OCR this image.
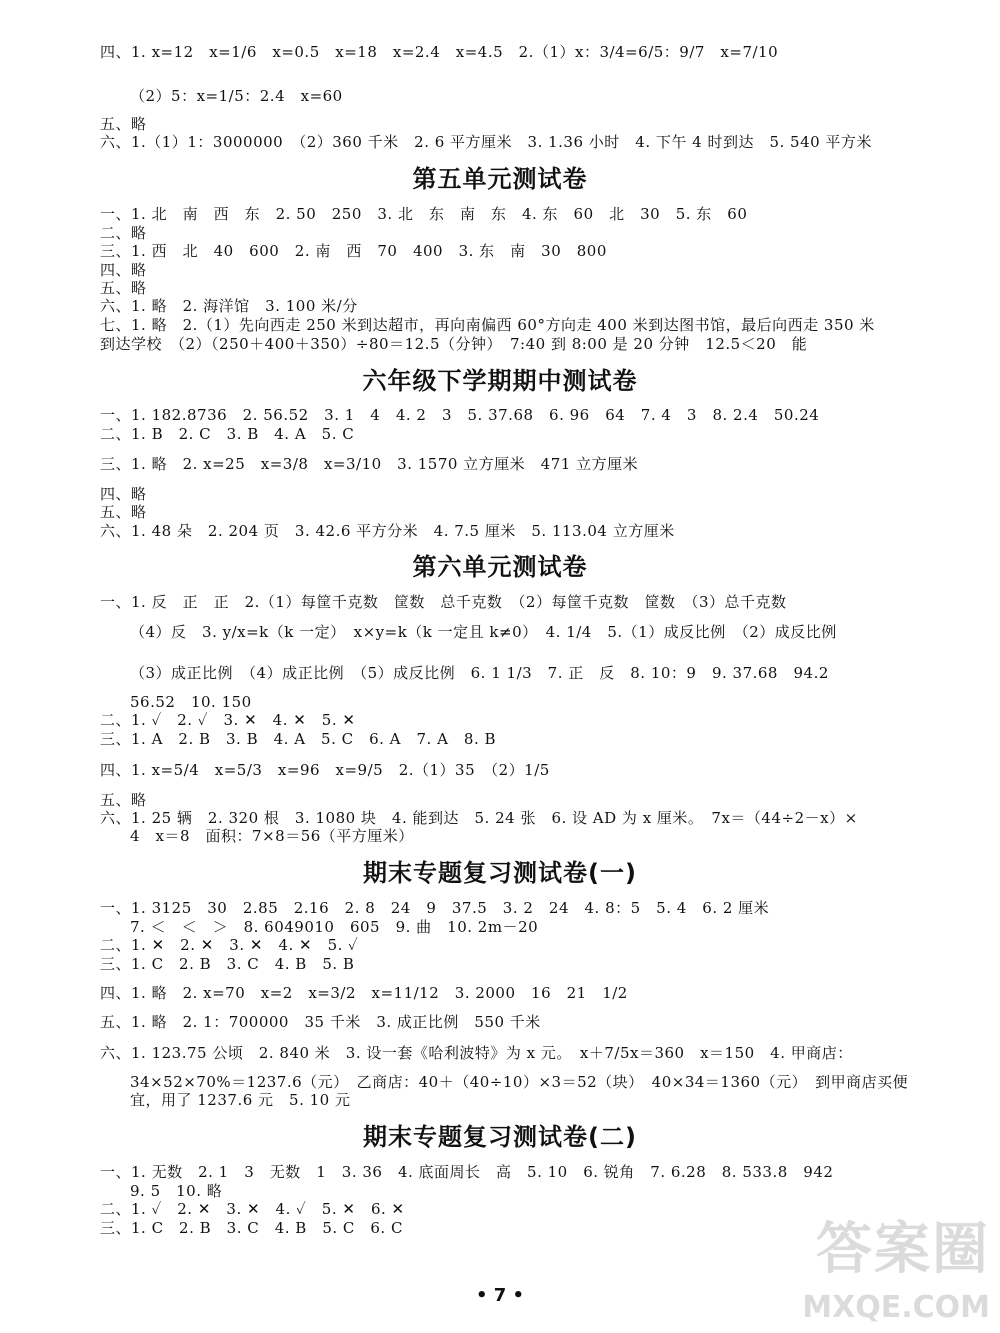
四、1. x=12　x=1/6　x=0.5　x=18　x=2.4　x=4.5　2.（1）x：3/4=6/5：9/7　x=7/10
（2）5：x=1/5：2.4　x=60
五、略
六、1.（1）1：3000000　（2）360 千米　2. 6 平方厘米　3. 1.36 小时　4. 下午 4 时到达　5. 540 平方米
第五单元测试卷
一、1. 北　南　西　东　2. 50　250　3. 北　东　南　东　4. 东　60　北　30　5. 东　60
二、略
三、1. 西　北　40　600　2. 南　西　70　400　3. 东　南　30　800
四、略
五、略
六、1. 略　2. 海洋馆　3. 100 米/分
七、1. 略　2.（1）先向西走 250 米到达超市，再向南偏西 60°方向走 400 米到达图书馆，最后向西走 350 米
到达学校　（2）（250＋400＋350）÷80＝12.5（分钟）　7:40 到 8:00 是 20 分钟　12.5＜20　能
六年级下学期期中测试卷
一、1. 182.8736　2. 56.52　3. 1　4　4. 2　3　5. 37.68　6. 96　64　7. 4　3　8. 2.4　50.24
二、1. B　2. C　3. B　4. A　5. C
三、1. 略　2. x=25　x=3/8　x=3/10　3. 1570 立方厘米　471 立方厘米
四、略
五、略
六、1. 48 朵　2. 204 页　3. 42.6 平方分米　4. 7.5 厘米　5. 113.04 立方厘米
第六单元测试卷
一、1. 反　正　正　2.（1）每筐千克数　筐数　总千克数　（2）每筐千克数　筐数　（3）总千克数
（4）反　3. y/x=k（k 一定）　x×y=k（k 一定且 k≠0）　4. 1/4　5.（1）成反比例　（2）成反比例
（3）成正比例　（4）成正比例　（5）成反比例　6. 1 1/3　7. 正　反　8. 10：9　9. 37.68　94.2
56.52　10. 150
二、1. ✓　2. ✓　3. ✕　4. ✕　5. ✕
三、1. A　2. B　3. B　4. A　5. C　6. A　7. A　8. B
四、1. x=5/4　x=5/3　x=96　x=9/5　2.（1）35　（2）1/5
五、略
六、1. 25 辆　2. 320 根　3. 1080 块　4. 能到达　5. 24 张　6. 设 AD 为 x 厘米。　7x＝（44÷2－x）×
4　x＝8　面积：7×8＝56（平方厘米）
期末专题复习测试卷(一)
一、1. 3125　30　2.85　2.16　2. 8　24　9　37.5　3. 2　24　4. 8：5　5. 4　6. 2 厘米
7. ＜　＜　＞　8. 6049010　605　9. 曲　10. 2m－20
二、1. ✕　2. ✕　3. ✕　4. ✕　5. ✓
三、1. C　2. B　3. C　4. B　5. B
四、1. 略　2. x=70　x=2　x=3/2　x=11/12　3. 2000　16　21　1/2
五、1. 略　2. 1：700000　35 千米　3. 成正比例　550 千米
六、1. 123.75 公顷　2. 840 米　3. 设一套《哈利波特》为 x 元。　x＋7/5x＝360　x＝150　4. 甲商店：
34×52×70%＝1237.6（元）　乙商店：40＋（40÷10）×3＝52（块）　40×34＝1360（元）　到甲商店买便
宜，用了 1237.6 元　5. 10 元
期末专题复习测试卷(二)
一、1. 无数　2. 1　3　无数　1　3. 36　4. 底面周长　高　5. 10　6. 锐角　7. 6.28　8. 533.8　942
9. 5　10. 略
二、1. ✓　2. ✕　3. ✕　4. ✓　5. ✕　6. ✕
三、1. C　2. B　3. C　4. B　5. C　6. C
• 7 •
答案圈
MXQE.COM
